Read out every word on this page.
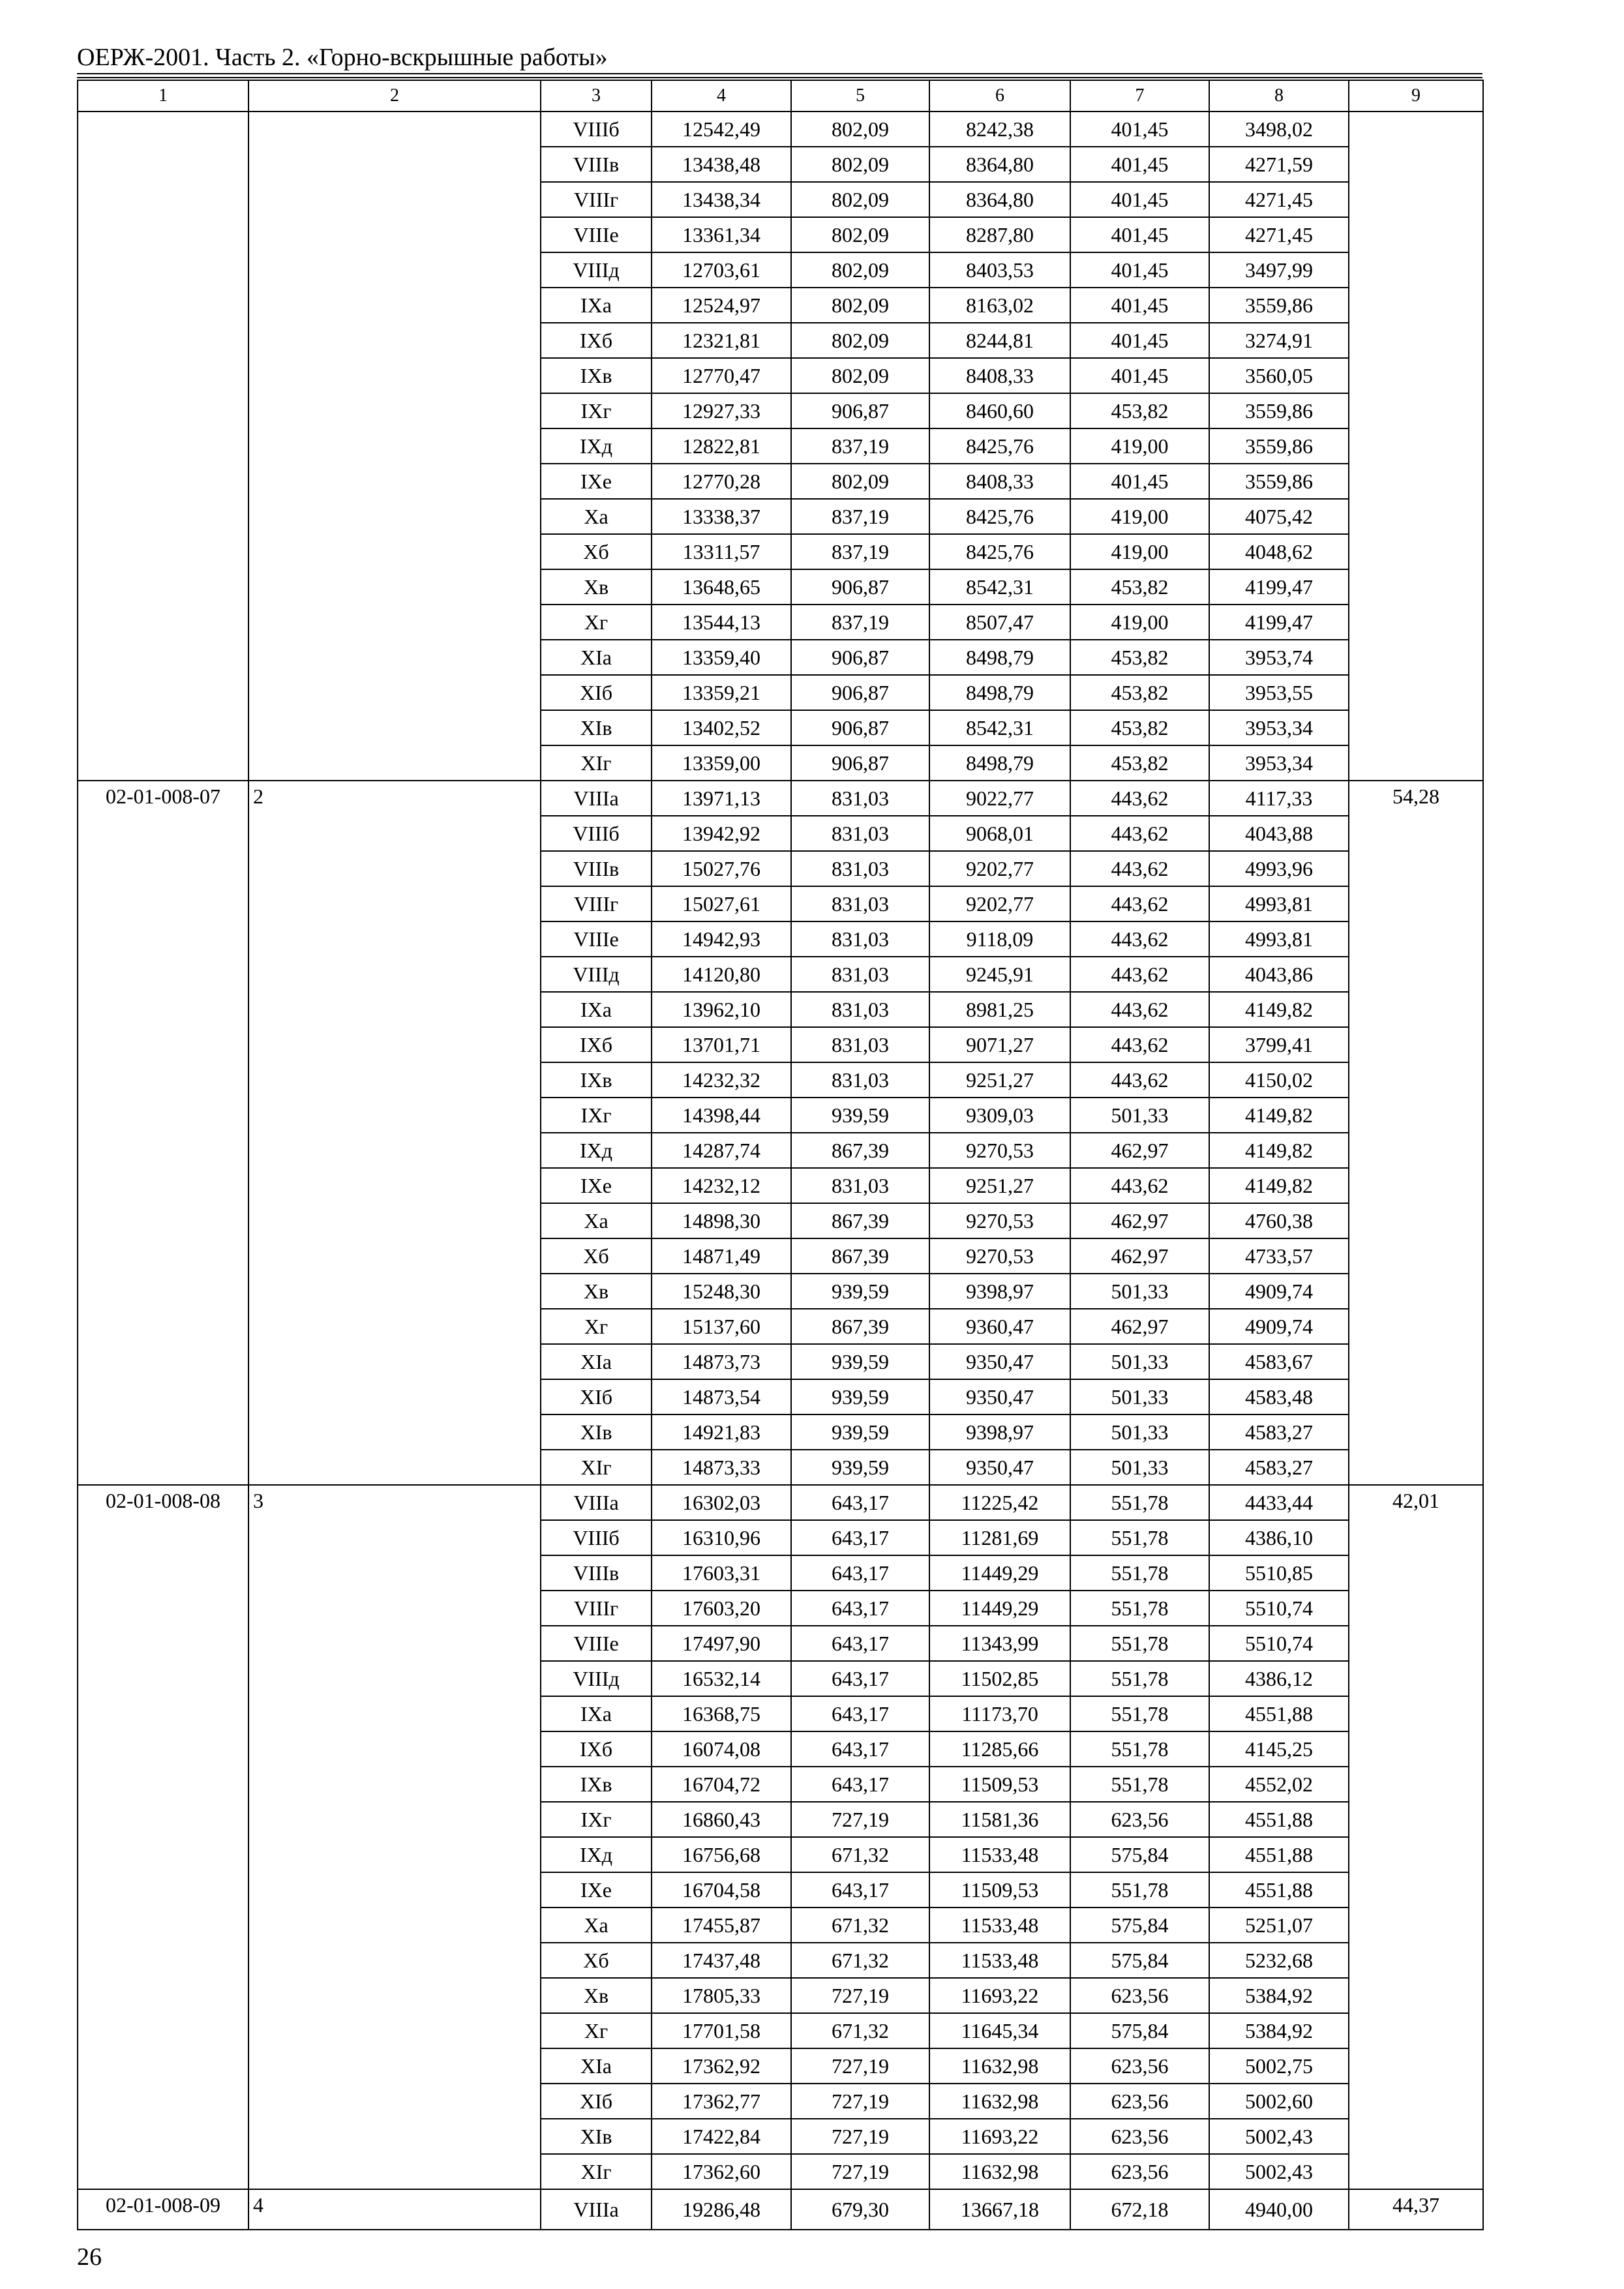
ОЕРЖ-2001. Часть 2. «Горно-вскрышные работы»
1	2	3	4	5	6	7	8	9
		VIIIб	12542,49	802,09	8242,38	401,45	3498,02	
		VIIIв	13438,48	802,09	8364,80	401,45	4271,59	
		VIIIг	13438,34	802,09	8364,80	401,45	4271,45	
		VIIIе	13361,34	802,09	8287,80	401,45	4271,45	
		VIIIд	12703,61	802,09	8403,53	401,45	3497,99	
		IXа	12524,97	802,09	8163,02	401,45	3559,86	
		IXб	12321,81	802,09	8244,81	401,45	3274,91	
		IXв	12770,47	802,09	8408,33	401,45	3560,05	
		IXг	12927,33	906,87	8460,60	453,82	3559,86	
		IXд	12822,81	837,19	8425,76	419,00	3559,86	
		IXе	12770,28	802,09	8408,33	401,45	3559,86	
		Xа	13338,37	837,19	8425,76	419,00	4075,42	
		Xб	13311,57	837,19	8425,76	419,00	4048,62	
		Xв	13648,65	906,87	8542,31	453,82	4199,47	
		Xг	13544,13	837,19	8507,47	419,00	4199,47	
		XIа	13359,40	906,87	8498,79	453,82	3953,74	
		XIб	13359,21	906,87	8498,79	453,82	3953,55	
		XIв	13402,52	906,87	8542,31	453,82	3953,34	
		XIг	13359,00	906,87	8498,79	453,82	3953,34	
02-01-008-07	2	VIIIа	13971,13	831,03	9022,77	443,62	4117,33	54,28
		VIIIб	13942,92	831,03	9068,01	443,62	4043,88	
		VIIIв	15027,76	831,03	9202,77	443,62	4993,96	
		VIIIг	15027,61	831,03	9202,77	443,62	4993,81	
		VIIIе	14942,93	831,03	9118,09	443,62	4993,81	
		VIIIд	14120,80	831,03	9245,91	443,62	4043,86	
		IXа	13962,10	831,03	8981,25	443,62	4149,82	
		IXб	13701,71	831,03	9071,27	443,62	3799,41	
		IXв	14232,32	831,03	9251,27	443,62	4150,02	
		IXг	14398,44	939,59	9309,03	501,33	4149,82	
		IXд	14287,74	867,39	9270,53	462,97	4149,82	
		IXе	14232,12	831,03	9251,27	443,62	4149,82	
		Xа	14898,30	867,39	9270,53	462,97	4760,38	
		Xб	14871,49	867,39	9270,53	462,97	4733,57	
		Xв	15248,30	939,59	9398,97	501,33	4909,74	
		Xг	15137,60	867,39	9360,47	462,97	4909,74	
		XIа	14873,73	939,59	9350,47	501,33	4583,67	
		XIб	14873,54	939,59	9350,47	501,33	4583,48	
		XIв	14921,83	939,59	9398,97	501,33	4583,27	
		XIг	14873,33	939,59	9350,47	501,33	4583,27	
02-01-008-08	3	VIIIа	16302,03	643,17	11225,42	551,78	4433,44	42,01
		VIIIб	16310,96	643,17	11281,69	551,78	4386,10	
		VIIIв	17603,31	643,17	11449,29	551,78	5510,85	
		VIIIг	17603,20	643,17	11449,29	551,78	5510,74	
		VIIIе	17497,90	643,17	11343,99	551,78	5510,74	
		VIIIд	16532,14	643,17	11502,85	551,78	4386,12	
		IXа	16368,75	643,17	11173,70	551,78	4551,88	
		IXб	16074,08	643,17	11285,66	551,78	4145,25	
		IXв	16704,72	643,17	11509,53	551,78	4552,02	
		IXг	16860,43	727,19	11581,36	623,56	4551,88	
		IXд	16756,68	671,32	11533,48	575,84	4551,88	
		IXе	16704,58	643,17	11509,53	551,78	4551,88	
		Xа	17455,87	671,32	11533,48	575,84	5251,07	
		Xб	17437,48	671,32	11533,48	575,84	5232,68	
		Xв	17805,33	727,19	11693,22	623,56	5384,92	
		Xг	17701,58	671,32	11645,34	575,84	5384,92	
		XIа	17362,92	727,19	11632,98	623,56	5002,75	
		XIб	17362,77	727,19	11632,98	623,56	5002,60	
		XIв	17422,84	727,19	11693,22	623,56	5002,43	
		XIг	17362,60	727,19	11632,98	623,56	5002,43	
02-01-008-09	4	VIIIа	19286,48	679,30	13667,18	672,18	4940,00	44,37
26
